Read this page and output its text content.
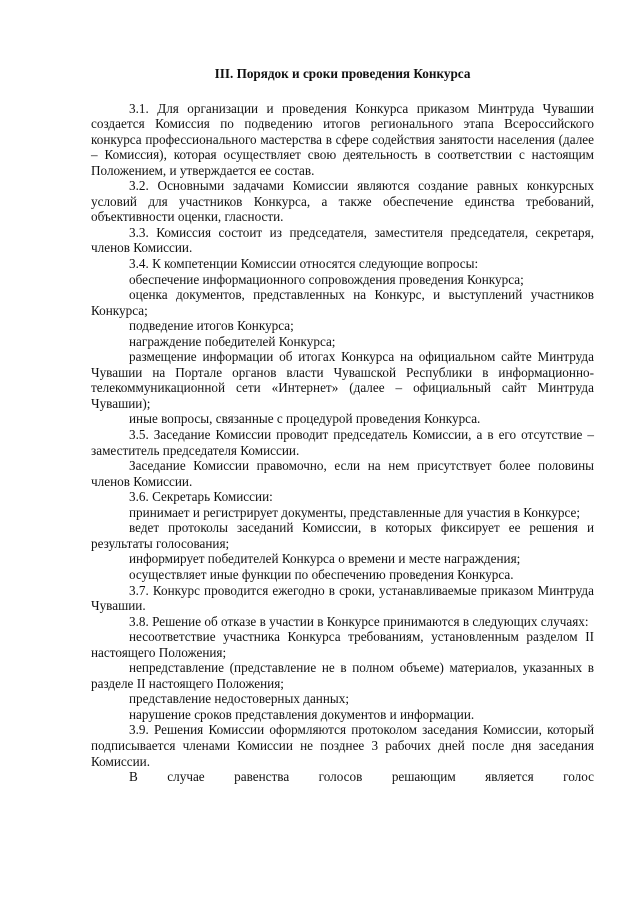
III. Порядок и сроки проведения Конкурса

3.1. Для организации и проведения Конкурса приказом Минтруда Чувашии создается Комиссия по подведению итогов регионального этапа Всероссийского конкурса профессионального мастерства в сфере содействия занятости населения (далее – Комиссия), которая осуществляет свою деятельность в соответствии с настоящим Положением, и утверждается ее состав.

3.2. Основными задачами Комиссии являются создание равных конкурсных условий для участников Конкурса, а также обеспечение единства требований, объективности оценки, гласности.

3.3. Комиссия состоит из председателя, заместителя председателя, секретаря, членов Комиссии.

3.4. К компетенции Комиссии относятся следующие вопросы:

обеспечение информационного сопровождения проведения Конкурса;

оценка документов, представленных на Конкурс, и выступлений участников Конкурса;

подведение итогов Конкурса;

награждение победителей Конкурса;

размещение информации об итогах Конкурса на официальном сайте Минтруда Чувашии на Портале органов власти Чувашской Республики в информационно-телекоммуникационной сети «Интернет» (далее – официальный сайт Минтруда Чувашии);

иные вопросы, связанные с процедурой проведения Конкурса.

3.5. Заседание Комиссии проводит председатель Комиссии, а в его отсутствие – заместитель председателя Комиссии.

Заседание Комиссии правомочно, если на нем присутствует более половины членов Комиссии.

3.6. Секретарь Комиссии:

принимает и регистрирует документы, представленные для участия в Конкурсе;

ведет протоколы заседаний Комиссии, в которых фиксирует ее решения и результаты голосования;

информирует победителей Конкурса о времени и месте награждения;

осуществляет иные функции по обеспечению проведения Конкурса.

3.7. Конкурс проводится ежегодно в сроки, устанавливаемые приказом Минтруда Чувашии.

3.8. Решение об отказе в участии в Конкурсе принимаются в следующих случаях:

несоответствие участника Конкурса требованиям, установленным разделом II настоящего Положения;

непредставление (представление не в полном объеме) материалов, указанных в разделе II настоящего Положения;

представление недостоверных данных;

нарушение сроков представления документов и информации.

3.9. Решения Комиссии оформляются протоколом заседания Комиссии, который подписывается членами Комиссии не позднее 3 рабочих дней после дня заседания Комиссии.

В случае равенства голосов решающим является голос
